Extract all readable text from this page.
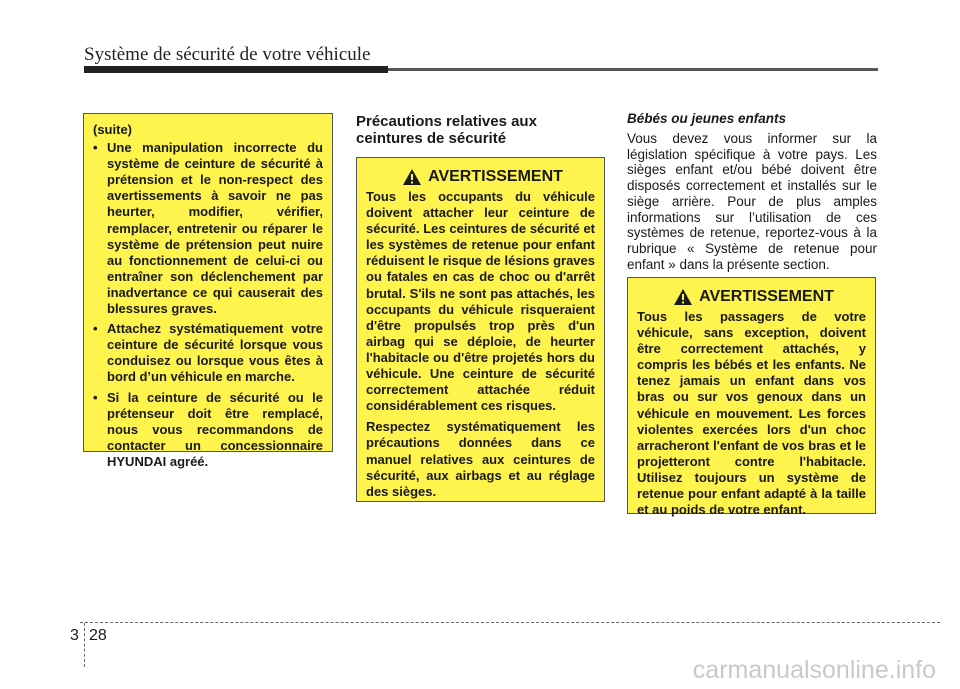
Système de sécurité de votre véhicule
(suite)
• Une manipulation incorrecte du système de ceinture de sécurité à prétension et le non-respect des avertissements à savoir ne pas heurter, modifier, vérifier, remplacer, entretenir ou réparer le système de prétension peut nuire au fonctionnement de celui-ci ou entraîner son déclenchement par inadvertance ce qui causerait des blessures graves.
• Attachez systématiquement votre ceinture de sécurité lorsque vous conduisez ou lorsque vous êtes à bord d’un véhicule en marche.
• Si la ceinture de sécurité ou le prétenseur doit être remplacé, nous vous recommandons de contacter un concessionnaire HYUNDAI agréé.
Précautions relatives aux ceintures de sécurité
AVERTISSEMENT

Tous les occupants du véhicule doivent attacher leur ceinture de sécurité. Les ceintures de sécurité et les systèmes de retenue pour enfant réduisent le risque de lésions graves ou fatales en cas de choc ou d'arrêt brutal. S'ils ne sont pas attachés, les occupants du véhicule risqueraient d'être propulsés trop près d'un airbag qui se déploie, de heurter l'habitacle ou d'être projetés hors du véhicule. Une ceinture de sécurité correctement attachée réduit considérablement ces risques.

Respectez systématiquement les précautions données dans ce manuel relatives aux ceintures de sécurité, aux airbags et au réglage des sièges.

Bébés ou jeunes enfants
Vous devez vous informer sur la législation spécifique à votre pays. Les sièges enfant et/ou bébé doivent être disposés correctement et installés sur le siège arrière. Pour de plus amples informations sur l’utilisation de ces systèmes de retenue, reportez-vous à la rubrique « Système de retenue pour enfant » dans la présente section.
AVERTISSEMENT

Tous les passagers de votre véhicule, sans exception, doivent être correctement attachés, y compris les bébés et les enfants. Ne tenez jamais un enfant dans vos bras ou sur vos genoux dans un véhicule en mouvement. Les forces violentes exercées lors d'un choc arracheront l'enfant de vos bras et le projetteront contre l'habitacle. Utilisez toujours un système de retenue pour enfant adapté à la taille et au poids de votre enfant.

3 28
carmanualsonline.info
